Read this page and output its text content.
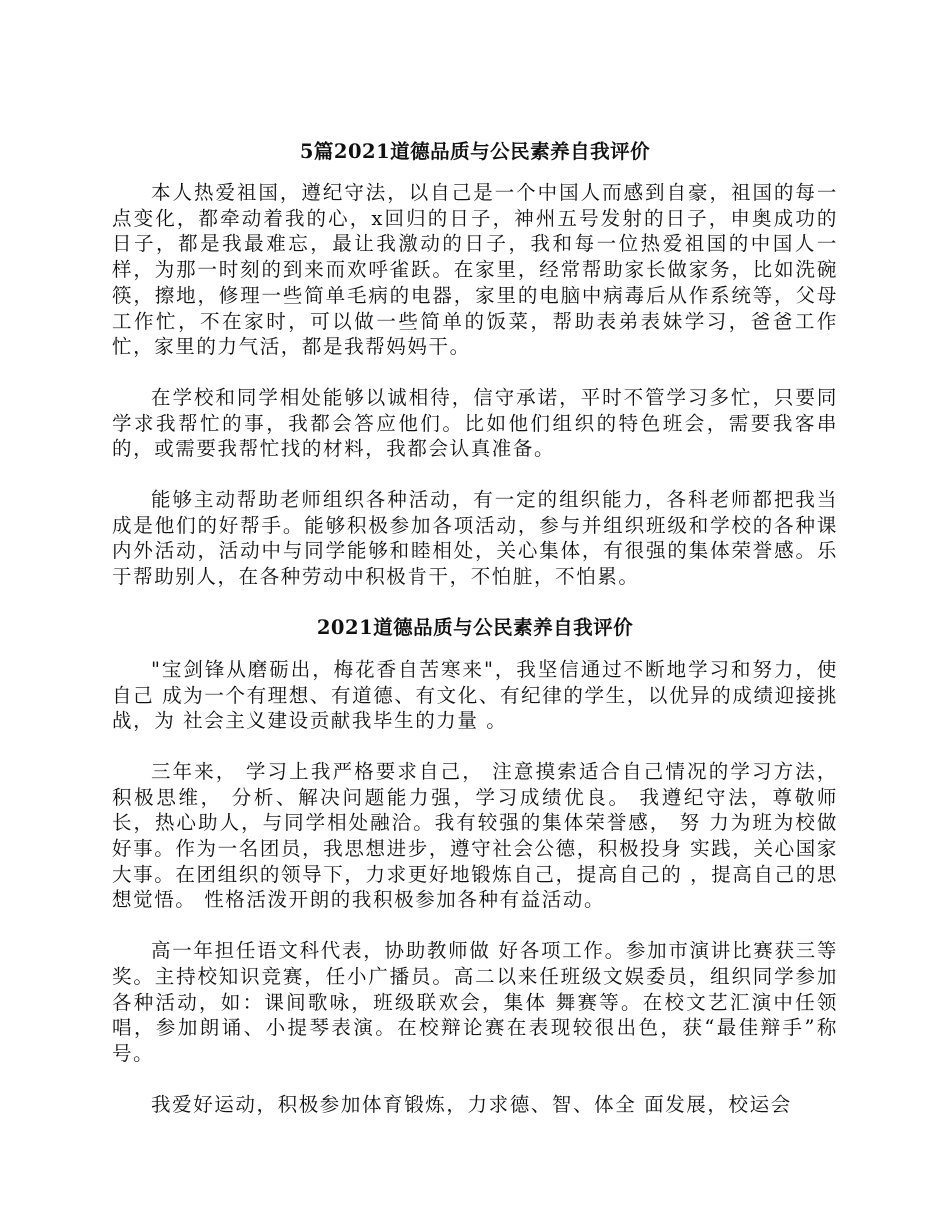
5篇2021道德品质与公民素养自我评价

本人热爱祖国，遵纪守法，以自己是一个中国人而感到自豪，祖国的每一点变化，都牵动着我的心，x回归的日子，神州五号发射的日子，申奥成功的日子，都是我最难忘，最让我激动的日子，我和每一位热爱祖国的中国人一样，为那一时刻的到来而欢呼雀跃。在家里，经常帮助家长做家务，比如洗碗筷，擦地，修理一些简单毛病的电器，家里的电脑中病毒后从作系统等，父母工作忙，不在家时，可以做一些简单的饭菜，帮助表弟表妹学习，爸爸工作忙，家里的力气活，都是我帮妈妈干。

在学校和同学相处能够以诚相待，信守承诺，平时不管学习多忙，只要同学求我帮忙的事，我都会答应他们。比如他们组织的特色班会，需要我客串的，或需要我帮忙找的材料，我都会认真准备。

能够主动帮助老师组织各种活动，有一定的组织能力，各科老师都把我当成是他们的好帮手。能够积极参加各项活动，参与并组织班级和学校的各种课内外活动，活动中与同学能够和睦相处，关心集体，有很强的集体荣誉感。乐于帮助别人，在各种劳动中积极肯干，不怕脏，不怕累。

2021道德品质与公民素养自我评价

"宝剑锋从磨砺出，梅花香自苦寒来"，我坚信通过不断地学习和努力，使自己 成为一个有理想、有道德、有文化、有纪律的学生，以优异的成绩迎接挑战，为 社会主义建设贡献我毕生的力量 。

三年来， 学习上我严格要求自己， 注意摸索适合自己情况的学习方法， 积极思维， 分析、解决问题能力强，学习成绩优良。 我遵纪守法，尊敬师长，热心助人，与同学相处融洽。我有较强的集体荣誉感， 努 力为班为校做好事。作为一名团员，我思想进步，遵守社会公德，积极投身 实践，关心国家大事。在团组织的领导下，力求更好地锻炼自己，提高自己的 ，提高自己的思想觉悟。 性格活泼开朗的我积极参加各种有益活动。

高一年担任语文科代表，协助教师做 好各项工作。参加市演讲比赛获三等奖。主持校知识竞赛，任小广播员。高二以来任班级文娱委员，组织同学参加各种活动，如：课间歌咏，班级联欢会，集体 舞赛等。在校文艺汇演中任领唱，参加朗诵、小提琴表演。在校辩论赛在表现较很出色，获“最佳辩手”称号。

我爱好运动，积极参加体育锻炼，力求德、智、体全 面发展，校运会
